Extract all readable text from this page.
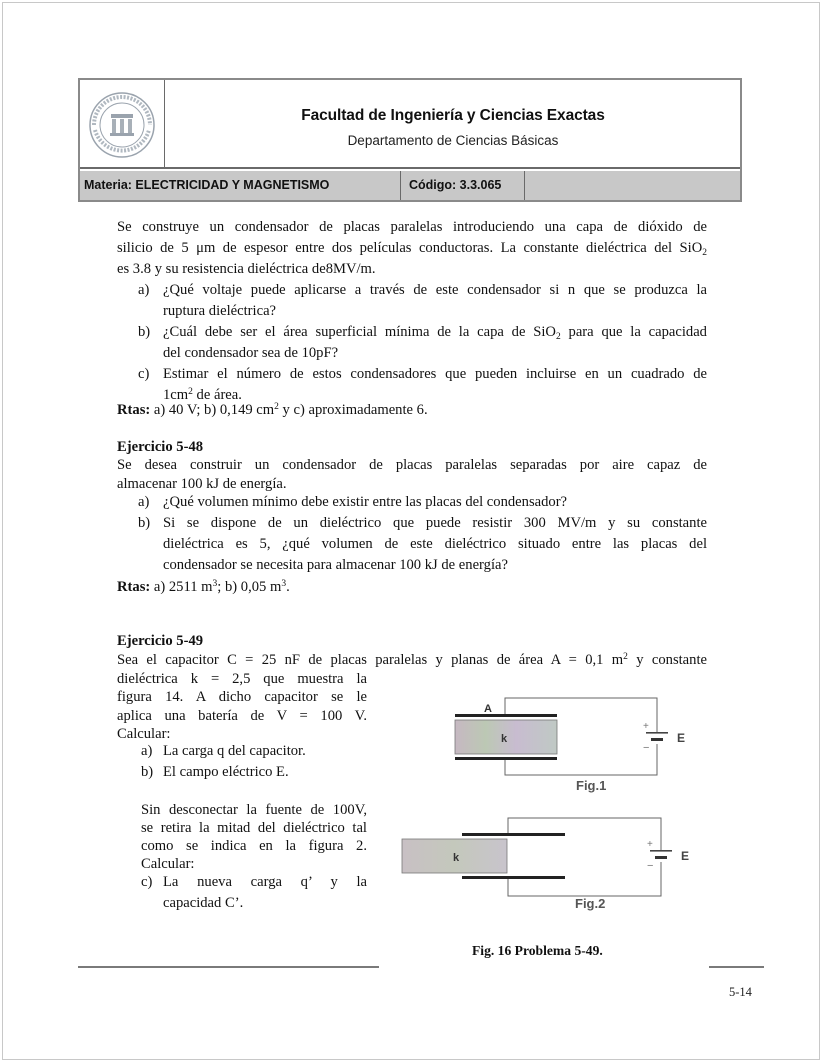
Facultad de Ingeniería y Ciencias Exactas
Departamento de Ciencias Básicas
Materia: ELECTRICIDAD Y MAGNETISMO	Código: 3.3.065
Se construye un condensador de placas paralelas introduciendo una capa de dióxido de
silicio de 5 μm de espesor entre dos películas conductoras. La constante dieléctrica del SiO$_2$
es 3.8 y su resistencia dieléctrica de8MV/m.
a) ¿Qué voltaje puede aplicarse a través de este condensador si n que se produzca la
ruptura dieléctrica?
b) ¿Cuál debe ser el área superficial mínima de la capa de SiO$_2$ para que la capacidad
del condensador sea de 10pF?
c) Estimar el número de estos condensadores que pueden incluirse en un cuadrado de
$1cm^2$ de área.
Rtas: a) 40 V; b) 0,149 $cm^2$ y c) aproximadamente 6.
Ejercicio 5-48
Se desea construir un condensador de placas paralelas separadas por aire capaz de
almacenar 100 kJ de energía.
a) ¿Qué volumen mínimo debe existir entre las placas del condensador?
b) Si se dispone de un dieléctrico que puede resistir 300 MV/m y su constante
dieléctrica es 5, ¿qué volumen de este dieléctrico situado entre las placas del
condensador se necesita para almacenar 100 kJ de energía?
Rtas: a) 2511 $m^3$; b) 0,05 $m^3$.
Ejercicio 5-49
Sea el capacitor C = 25 nF de placas paralelas y planas de área A = 0,1 $m^2$ y constante
dieléctrica k = 2,5 que muestra la
figura 14. A dicho capacitor se le
aplica una batería de V = 100 V.
Calcular:
a) La carga q del capacitor.
b) El campo eléctrico E.
Sin desconectar la fuente de 100V,
se retira la mitad del dieléctrico tal
como se indica en la figura 2.
Calcular:
c) La nueva carga q’ y la
capacidad C’.
+
−
A
k	E
Fig.1
+
−
k	E
Fig.2
Fig. 16 Problema 5-49.
5-14
